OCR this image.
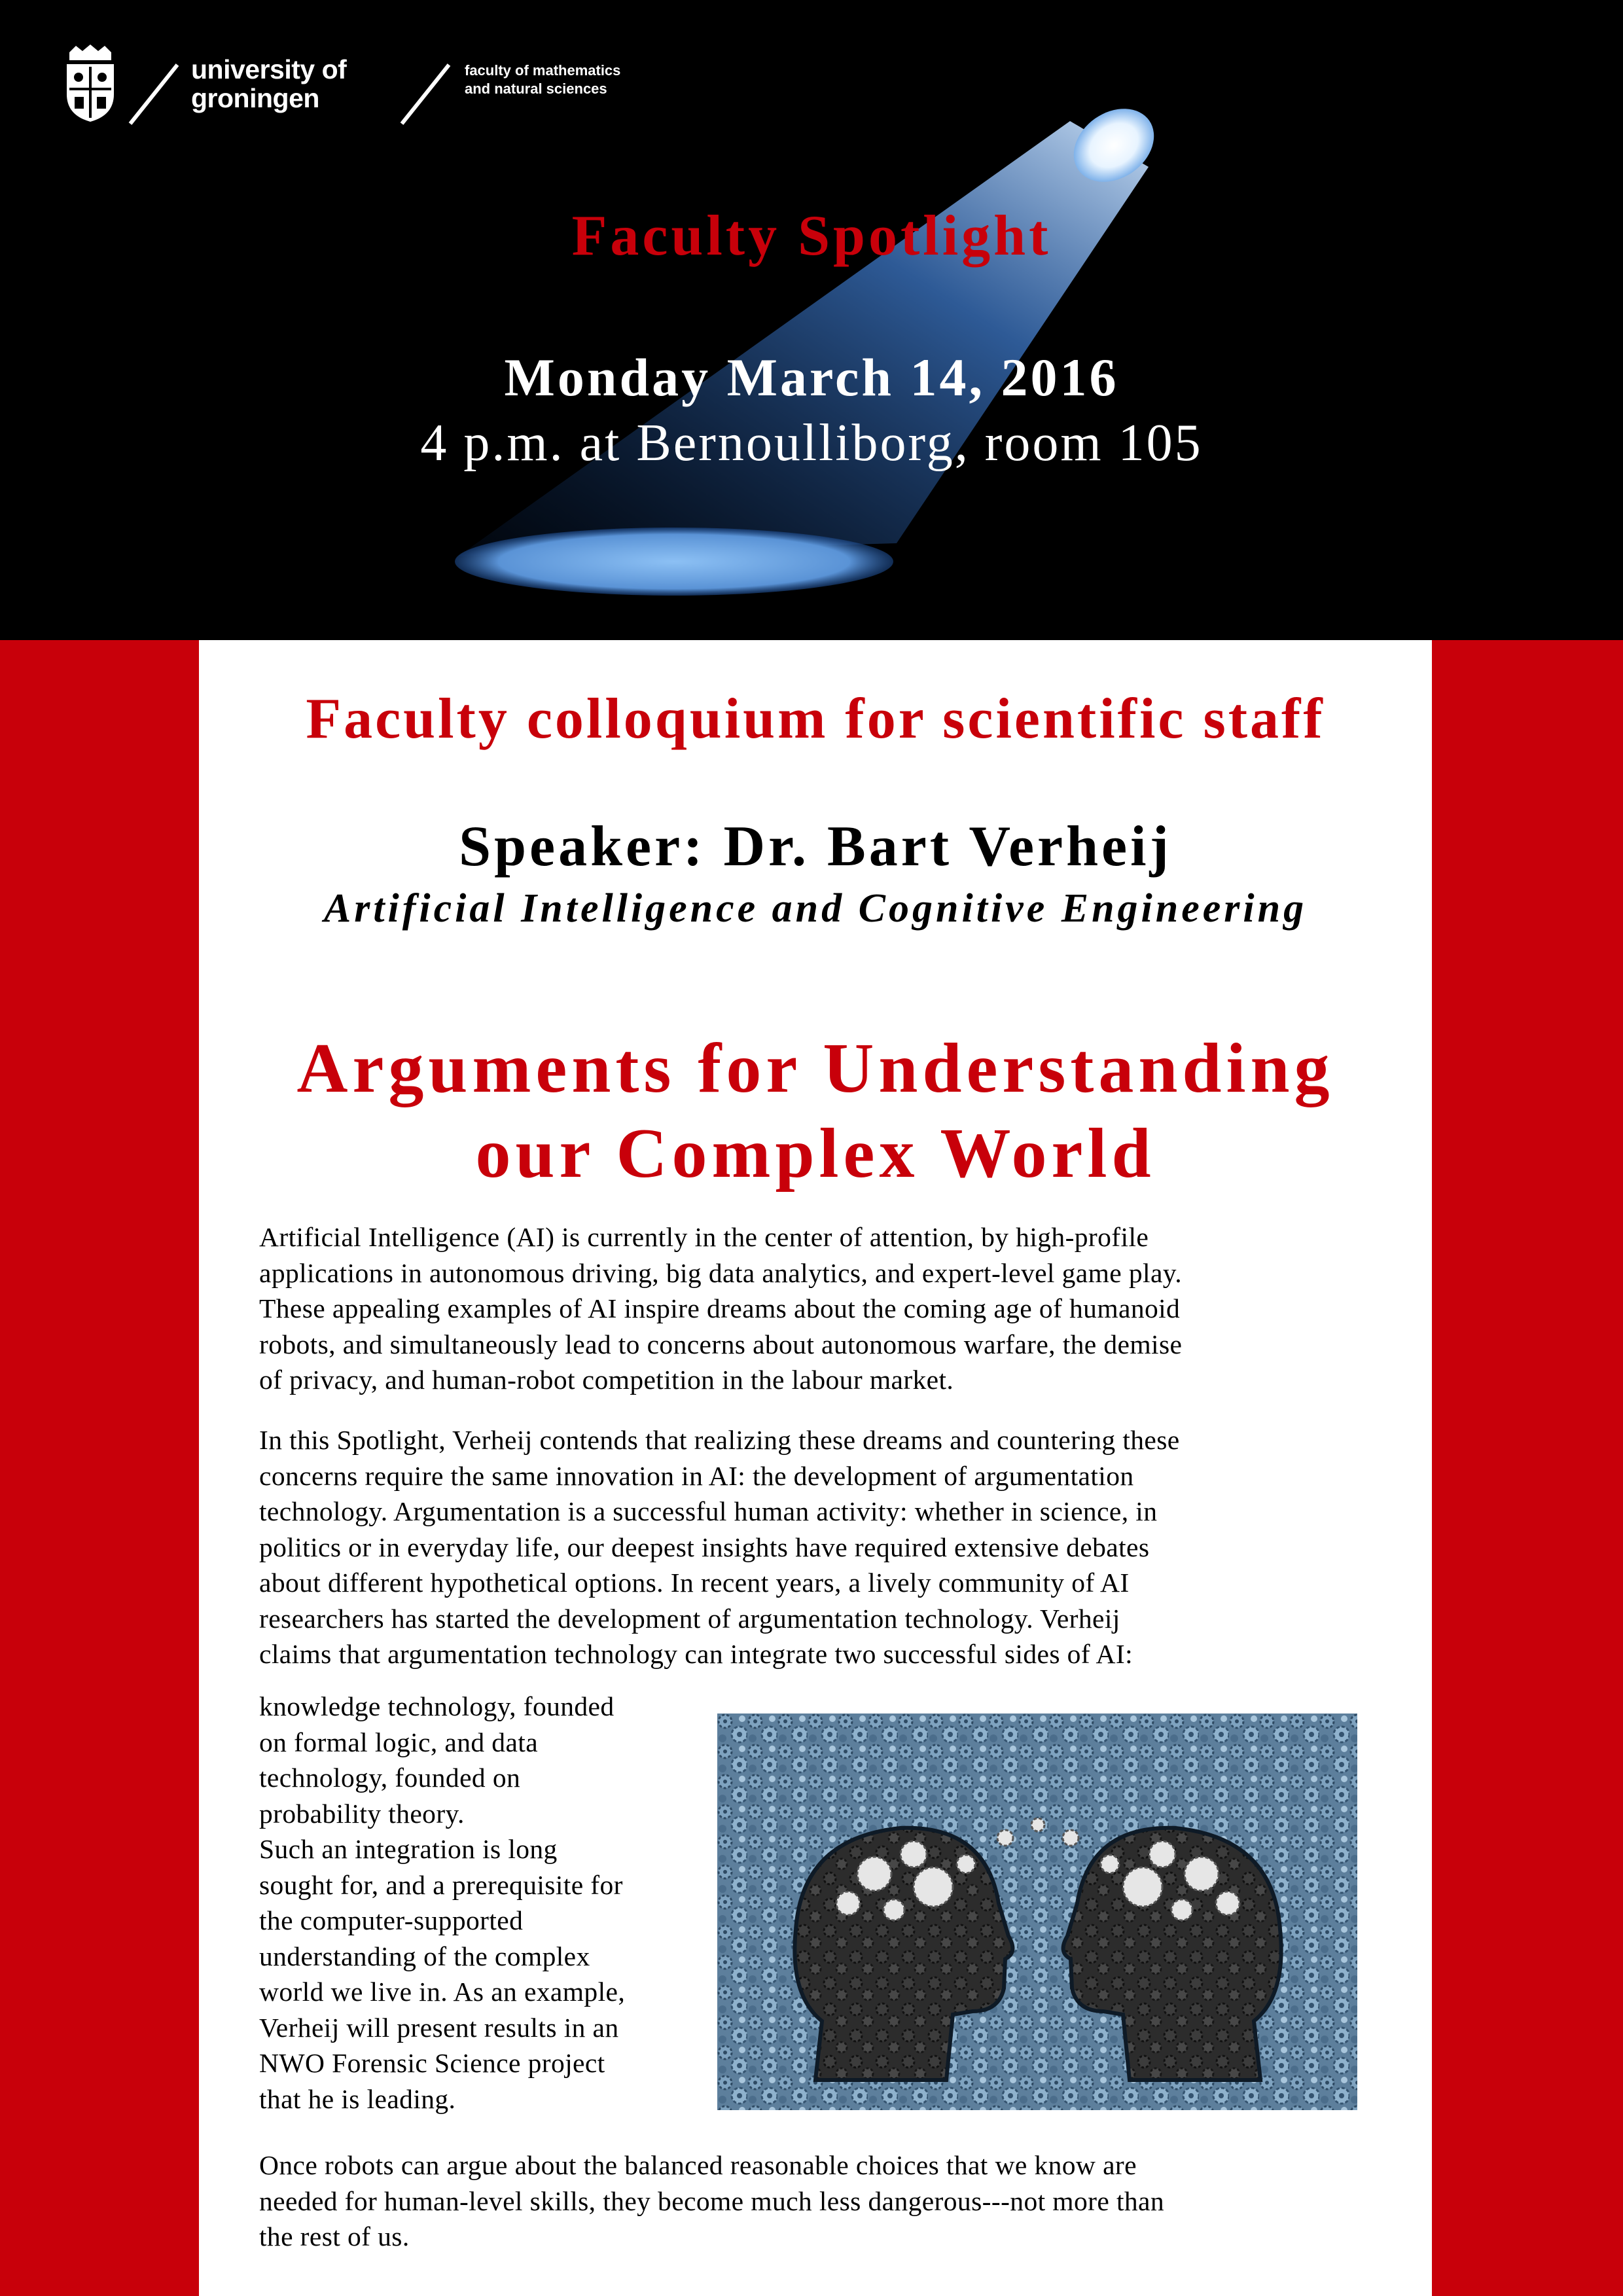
university of
groningen
faculty of mathematics
and natural sciences
Faculty Spotlight
Monday March 14, 2016
4 p.m. at Bernoulliborg, room 105
Faculty colloquium for scientific staff
Speaker: Dr. Bart Verheij
Artificial Intelligence and Cognitive Engineering
Arguments for Understanding
our Complex World
Artificial Intelligence (AI) is currently in the center of attention, by high-profile
applications in autonomous driving, big data analytics, and expert-level game play.
These appealing examples of AI inspire dreams about the coming age of humanoid
robots, and simultaneously lead to concerns about autonomous warfare, the demise
of privacy, and human-robot competition in the labour market.
In this Spotlight, Verheij contends that realizing these dreams and countering these
concerns require the same innovation in AI: the development of argumentation
technology. Argumentation is a successful human activity: whether in science, in
politics or in everyday life, our deepest insights have required extensive debates
about different hypothetical options. In recent years, a lively community of AI
researchers has started the development of argumentation technology. Verheij
claims that argumentation technology can integrate two successful sides of AI:
knowledge technology, founded
on formal logic, and data
technology, founded on
probability theory.
Such an integration is long
sought for, and a prerequisite for
the computer-supported
understanding of the complex
world we live in. As an example,
Verheij will present results in an
NWO Forensic Science project
that he is leading.
Once robots can argue about the balanced reasonable choices that we know are
needed for human-level skills, they become much less dangerous---not more than
the rest of us.
